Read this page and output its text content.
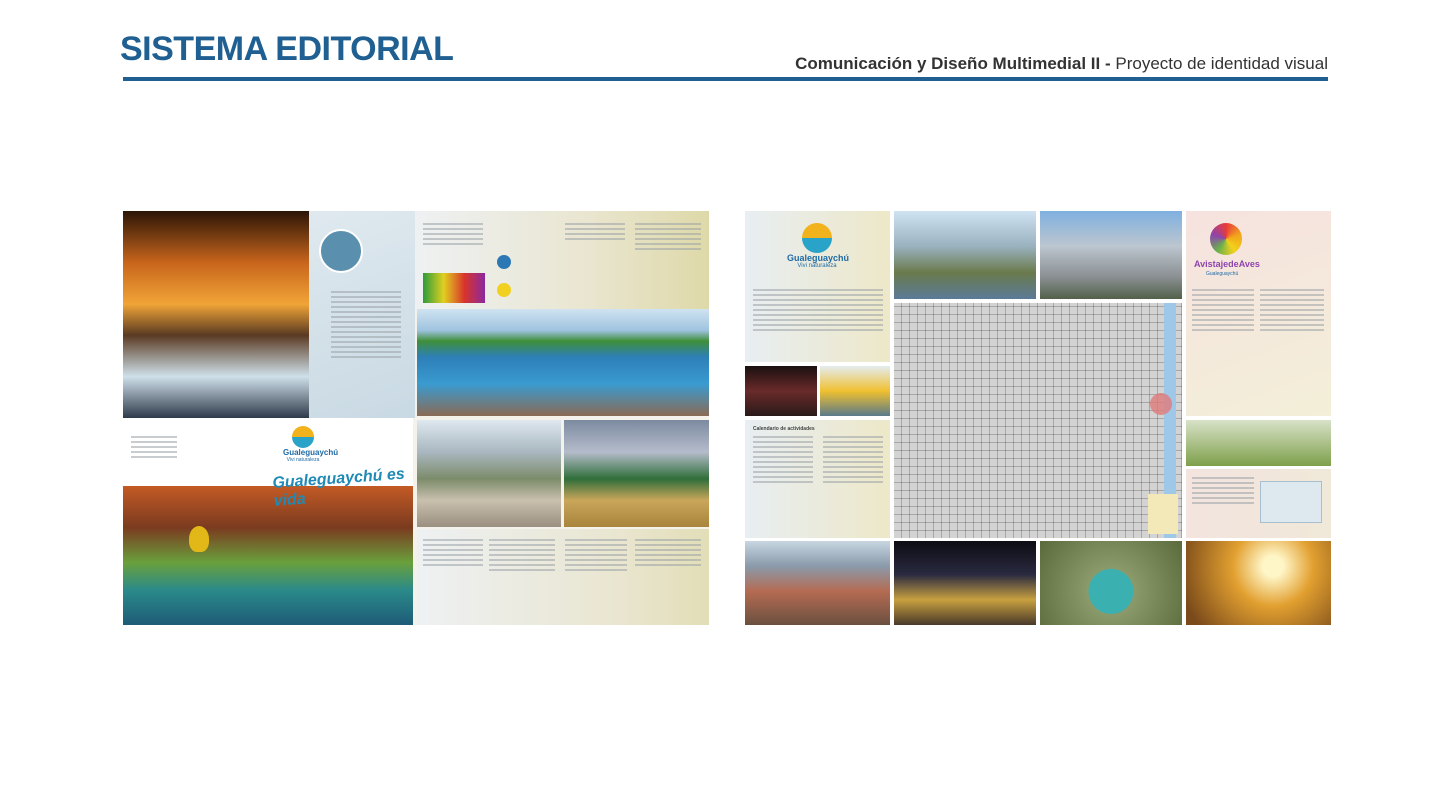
SISTEMA EDITORIAL	Comunicación y Diseño Multimedial II - Proyecto de identidad visual
Gualeguaychú
Vivi naturaleza
Gualeguaychú es vida
Gualeguaychú
Vivi naturaleza	AvistajedeAves
Gualeguaychú
Calendario de actividades
